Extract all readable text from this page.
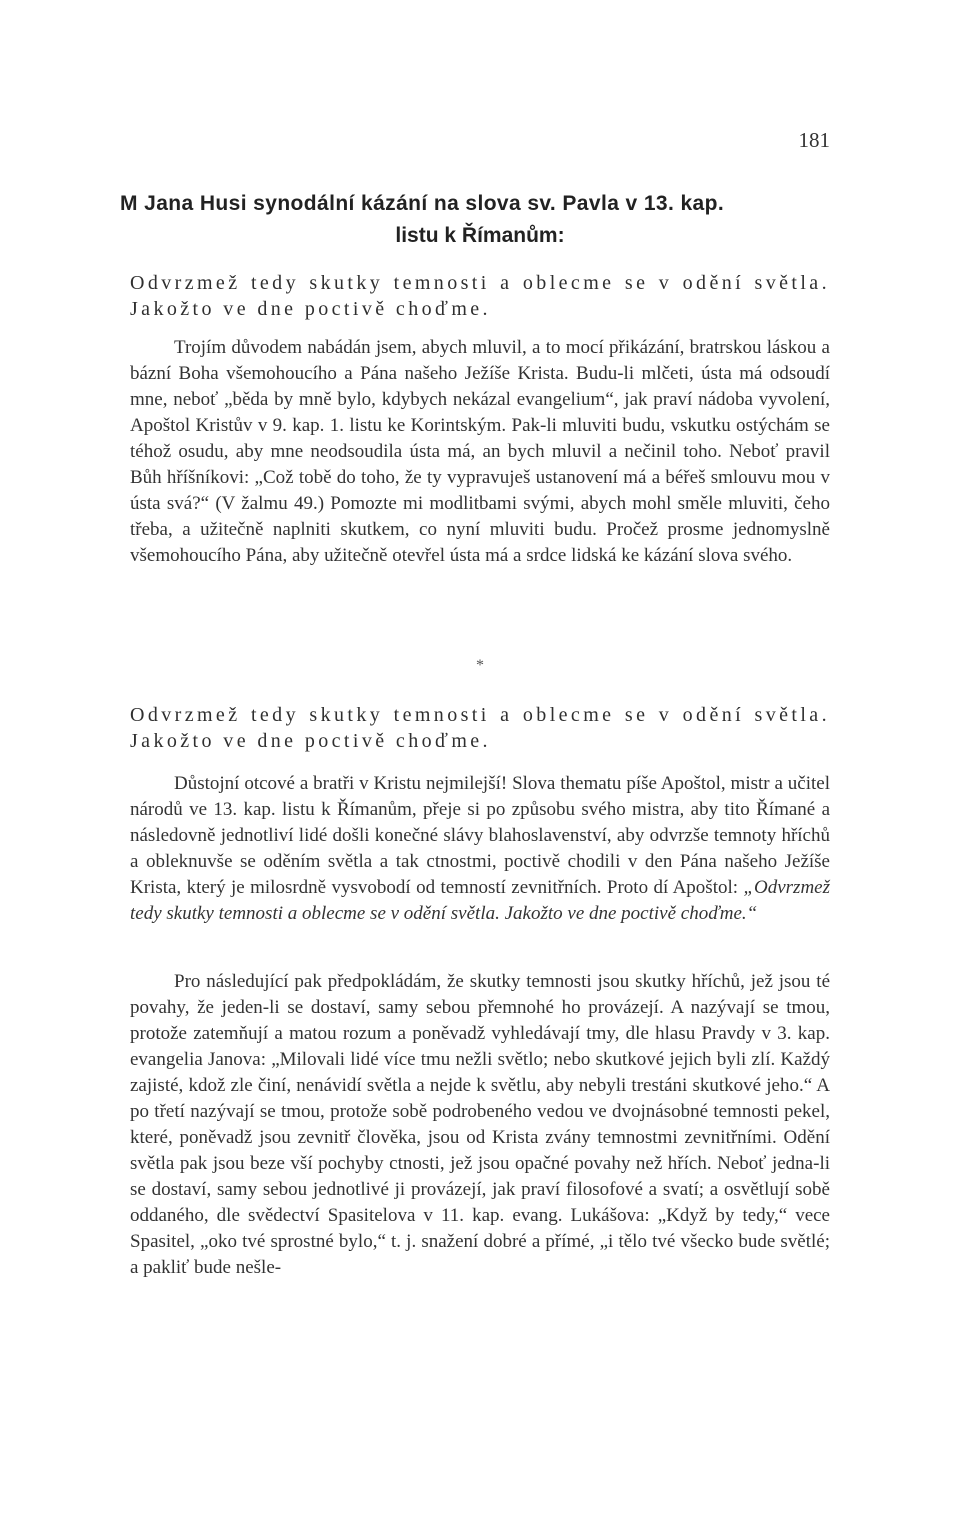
181
M Jana Husi synodální kázání na slova sv. Pavla v 13. kap.
listu k Římanům:
Odvrzmež tedy skutky temnosti a oblecme se v odění světla. Jakožto ve dne poctivě choďme.

Trojím důvodem nabádán jsem, abych mluvil, a to mocí přikázání, bratrskou láskou a bázní Boha všemohoucího a Pána našeho Ježíše Krista. Budu-li mlčeti, ústa má odsoudí mne, neboť „běda by mně bylo, kdybych nekázal evangelium“, jak praví nádoba vyvolení, Apoštol Kristův v 9. kap. 1. listu ke Korintským. Pak-li mluviti budu, vskutku ostýchám se téhož osudu, aby mne neodsoudila ústa má, an bych mluvil a nečinil toho. Neboť pravil Bůh hříšníkovi: „Což tobě do toho, že ty vypravuješ ustanovení má a béřeš smlouvu mou v ústa svá?“ (V žalmu 49.) Pomozte mi modlitbami svými, abych mohl směle mluviti, čeho třeba, a užitečně naplniti skutkem, co nyní mluviti budu. Pročež prosme jednomyslně všemohoucího Pána, aby užitečně otevřel ústa má a srdce lidská ke kázání slova svého.

*
Odvrzmež tedy skutky temnosti a oblecme se v odění světla. Jakožto ve dne poctivě choďme.

Důstojní otcové a bratři v Kristu nejmilejší! Slova thematu píše Apoštol, mistr a učitel národů ve 13. kap. listu k Římanům, přeje si po způsobu svého mistra, aby tito Římané a následovně jednotliví lidé došli konečné slávy blahoslavenství, aby odvrzše temnoty hříchů a obleknuvše se oděním světla a tak ctnostmi, poctivě chodili v den Pána našeho Ježíše Krista, který je milosrdně vysvobodí od temností zevnitřních. Proto dí Apoštol: „Odvrzmež tedy skutky temnosti a oblecme se v odění světla. Jakožto ve dne poctivě choďme.“

Pro následující pak předpokládám, že skutky temnosti jsou skutky hříchů, jež jsou té povahy, že jeden-li se dostaví, samy sebou přemnohé ho provázejí. A nazývají se tmou, protože zatemňují a matou rozum a poněvadž vyhledávají tmy, dle hlasu Pravdy v 3. kap. evangelia Janova: „Milovali lidé více tmu nežli světlo; nebo skutkové jejich byli zlí. Každý zajisté, kdož zle činí, nenávidí světla a nejde k světlu, aby nebyli trestáni skutkové jeho.“ A po třetí nazývají se tmou, protože sobě podrobeného vedou ve dvojnásobné temnosti pekel, které, poněvadž jsou zevnitř člověka, jsou od Krista zvány temnostmi zevnitřními. Odění světla pak jsou beze vší pochyby ctnosti, jež jsou opačné povahy než hřích. Neboť jedna-li se dostaví, samy sebou jednotlivé ji provázejí, jak praví filosofové a svatí; a osvětlují sobě oddaného, dle svědectví Spasitelova v 11. kap. evang. Lukášova: „Když by tedy,“ vece Spasitel, „oko tvé sprostné bylo,“ t. j. snažení dobré a přímé, „i tělo tvé všecko bude světlé; a pakliť bude nešle-
